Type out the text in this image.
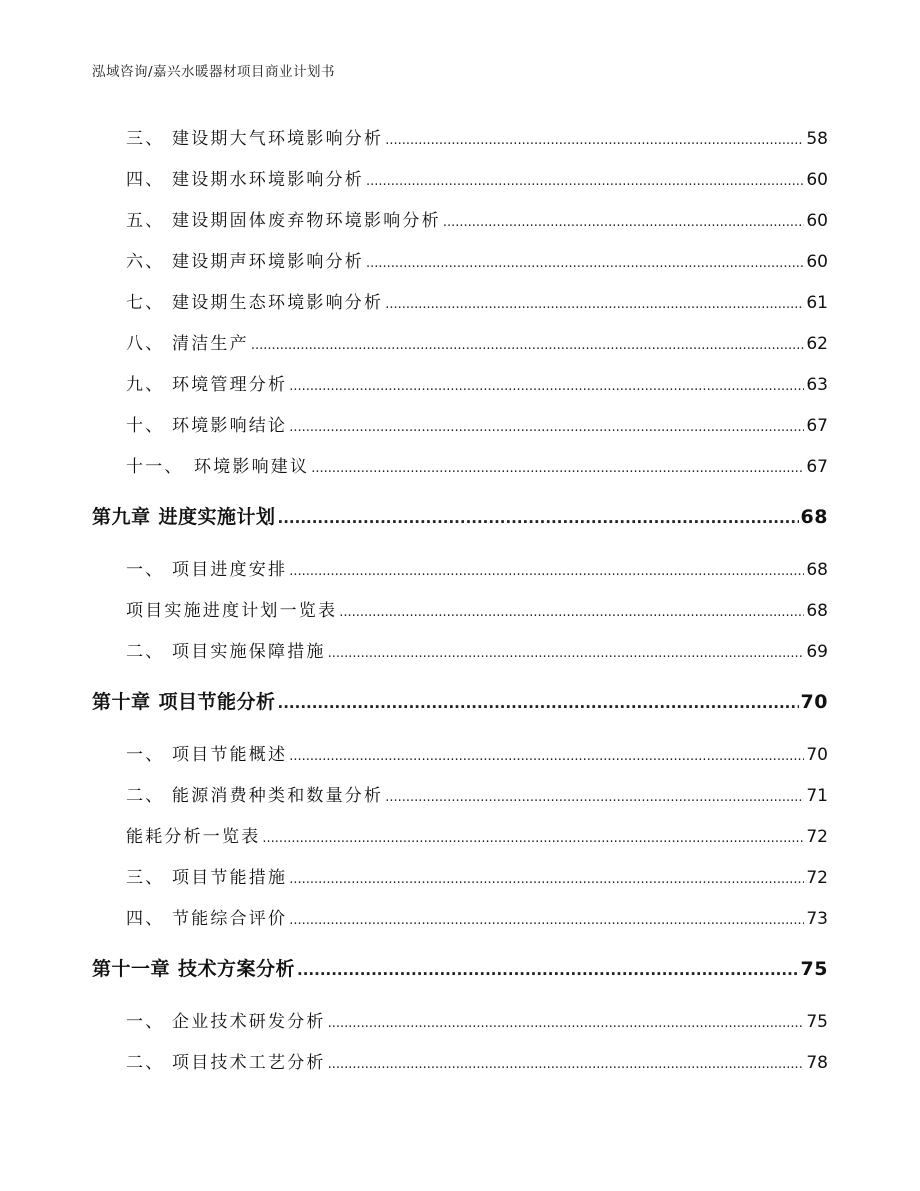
泓域咨询/嘉兴水暖器材项目商业计划书
三、 建设期大气环境影响分析 .....	58
四、 建设期水环境影响分析 .....	60
五、 建设期固体废弃物环境影响分析 .....	60
六、 建设期声环境影响分析 .....	60
七、 建设期生态环境影响分析 .....	61
八、 清洁生产 .....	62
九、 环境管理分析 .....	63
十、 环境影响结论 .....	67
十一、 环境影响建议 .....	67
第九章 进度实施计划 .....	68
一、 项目进度安排 .....	68
项目实施进度计划一览表 .....	68
二、 项目实施保障措施 .....	69
第十章 项目节能分析 .....	70
一、 项目节能概述 .....	70
二、 能源消费种类和数量分析 .....	71
能耗分析一览表 .....	72
三、 项目节能措施 .....	72
四、 节能综合评价 .....	73
第十一章 技术方案分析 .....	75
一、 企业技术研发分析 .....	75
二、 项目技术工艺分析 .....	78
